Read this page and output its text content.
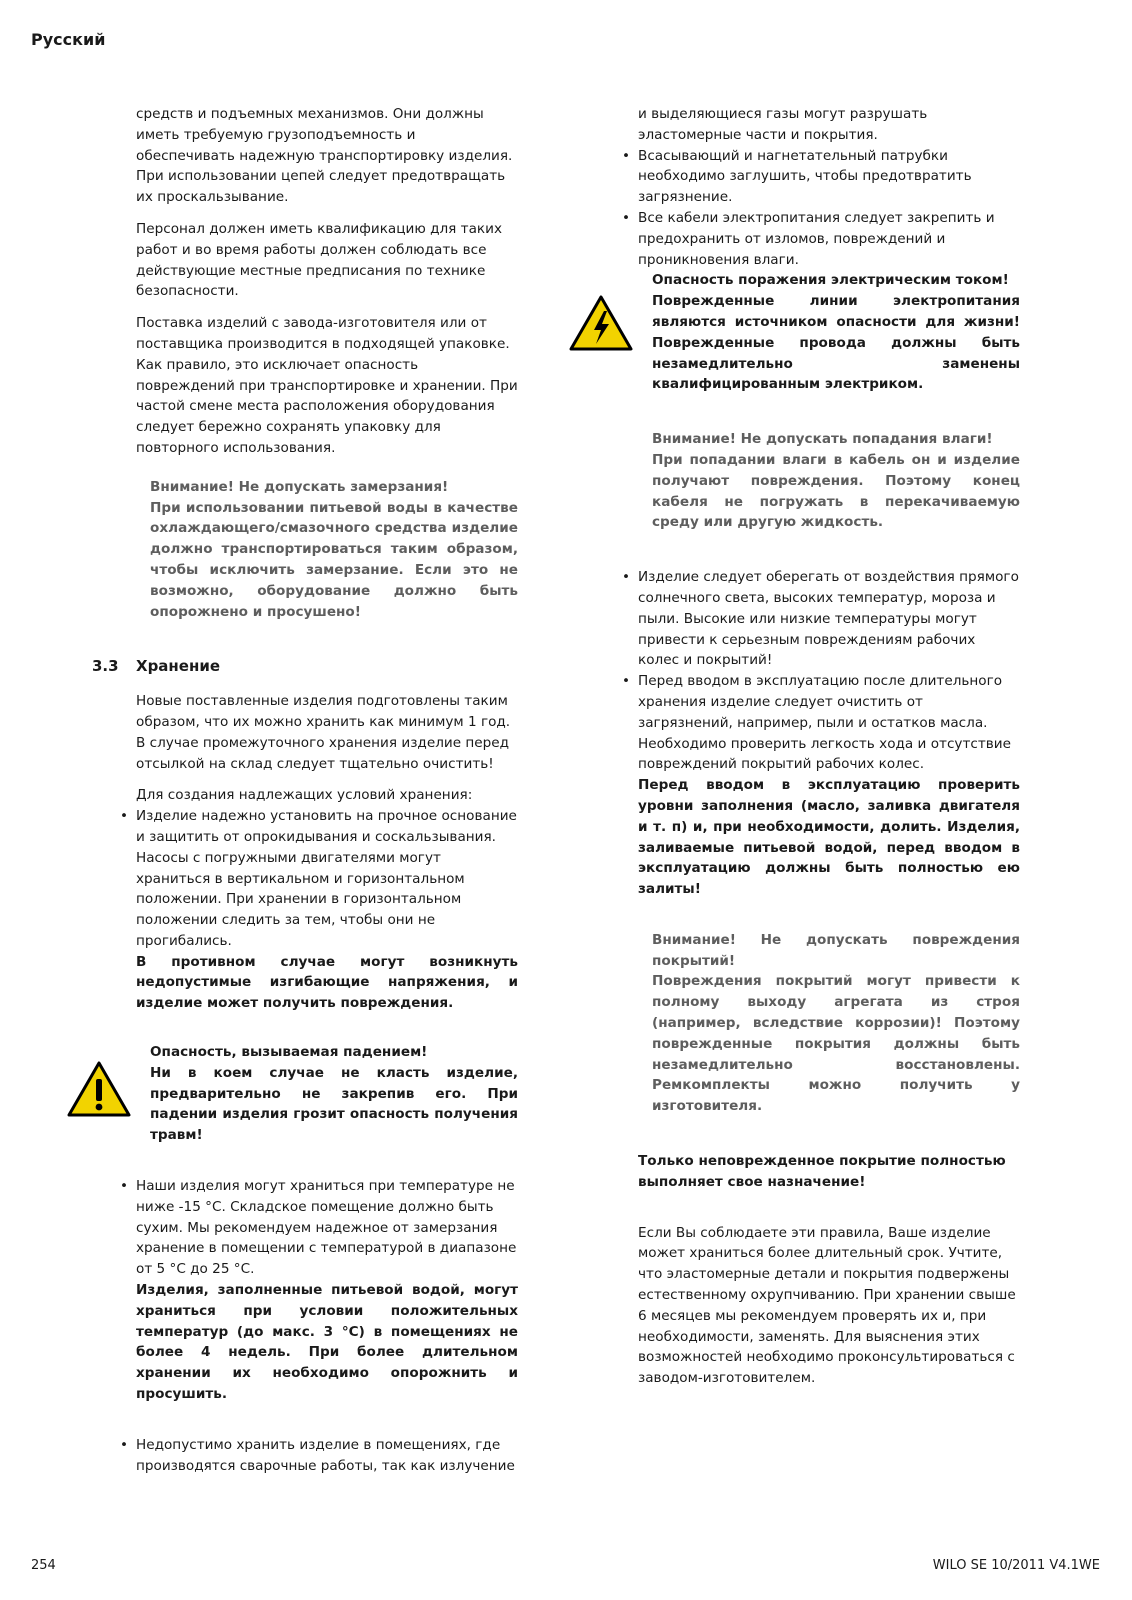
Русский

средств и подъемных механизмов. Они должны иметь требуемую грузоподъемность и обеспечивать надежную транспортировку изделия. При использовании цепей следует предотвращать их проскальзывание.

Персонал должен иметь квалификацию для таких работ и во время работы должен соблюдать все действующие местные предписания по технике безопасности.

Поставка изделий с завода-изготовителя или от поставщика производится в подходящей упаковке. Как правило, это исключает опасность повреждений при транспортировке и хранении. При частой смене места расположения оборудования следует бережно сохранять упаковку для повторного использования.

Внимание! Не допускать замерзания!
При использовании питьевой воды в качестве охлаждающего/смазочного средства изделие должно транспортироваться таким образом, чтобы исключить замерзание. Если это не возможно, оборудование должно быть опорожнено и просушено!
3.3 Хранение

Новые поставленные изделия подготовлены таким образом, что их можно хранить как минимум 1 год. В случае промежуточного хранения изделие перед отсылкой на склад следует тщательно очистить!

Для создания надлежащих условий хранения:

• Изделие надежно установить на прочное основание и защитить от опрокидывания и соскальзывания. Насосы с погружными двигателями могут храниться в вертикальном и горизонтальном положении. При хранении в горизонтальном положении следить за тем, чтобы они не прогибались.
В противном случае могут возникнуть недопустимые изгибающие напряжения, и изделие может получить повреждения.
Опасность, вызываемая падением!
Ни в коем случае не класть изделие, предварительно не закрепив его. При падении изделия грозит опасность получения травм!
• Наши изделия могут храниться при температуре не ниже -15 °C. Складское помещение должно быть сухим. Мы рекомендуем надежное от замерзания хранение в помещении с температурой в диапазоне от 5 °C до 25 °C.
Изделия, заполненные питьевой водой, могут храниться при условии положительных температур (до макс. 3 °C) в помещениях не более 4 недель. При более длительном хранении их необходимо опорожнить и просушить.
• Недопустимо хранить изделие в помещениях, где производятся сварочные работы, так как излучение

и выделяющиеся газы могут разрушать эластомерные части и покрытия.

• Всасывающий и нагнетательный патрубки необходимо заглушить, чтобы предотвратить загрязнение.
• Все кабели электропитания следует закрепить и предохранить от изломов, повреждений и проникновения влаги.
Опасность поражения электрическим током!
Поврежденные линии электропитания являются источником опасности для жизни! Поврежденные провода должны быть незамедлительно заменены квалифицированным электриком.
Внимание! Не допускать попадания влаги!
При попадании влаги в кабель он и изделие получают повреждения. Поэтому конец кабеля не погружать в перекачиваемую среду или другую жидкость.
• Изделие следует оберегать от воздействия прямого солнечного света, высоких температур, мороза и пыли. Высокие или низкие температуры могут привести к серьезным повреждениям рабочих колес и покрытий!
• Перед вводом в эксплуатацию после длительного хранения изделие следует очистить от загрязнений, например, пыли и остатков масла. Необходимо проверить легкость хода и отсутствие повреждений покрытий рабочих колес.
Перед вводом в эксплуатацию проверить уровни заполнения (масло, заливка двигателя и т. п) и, при необходимости, долить. Изделия, заливаемые питьевой водой, перед вводом в эксплуатацию должны быть полностью ею залиты!
Внимание! Не допускать повреждения покрытий!
Повреждения покрытий могут привести к полному выходу агрегата из строя (например, вследствие коррозии)! Поэтому поврежденные покрытия должны быть незамедлительно восстановлены. Ремкомплекты можно получить у изготовителя.

Только неповрежденное покрытие полностью выполняет свое назначение!

Если Вы соблюдаете эти правила, Ваше изделие может храниться более длительный срок. Учтите, что эластомерные детали и покрытия подвержены естественному охрупчиванию. При хранении свыше 6 месяцев мы рекомендуем проверять их и, при необходимости, заменять. Для выяснения этих возможностей необходимо проконсультироваться с заводом-изготовителем.

254	WILO SE 10/2011 V4.1WE
